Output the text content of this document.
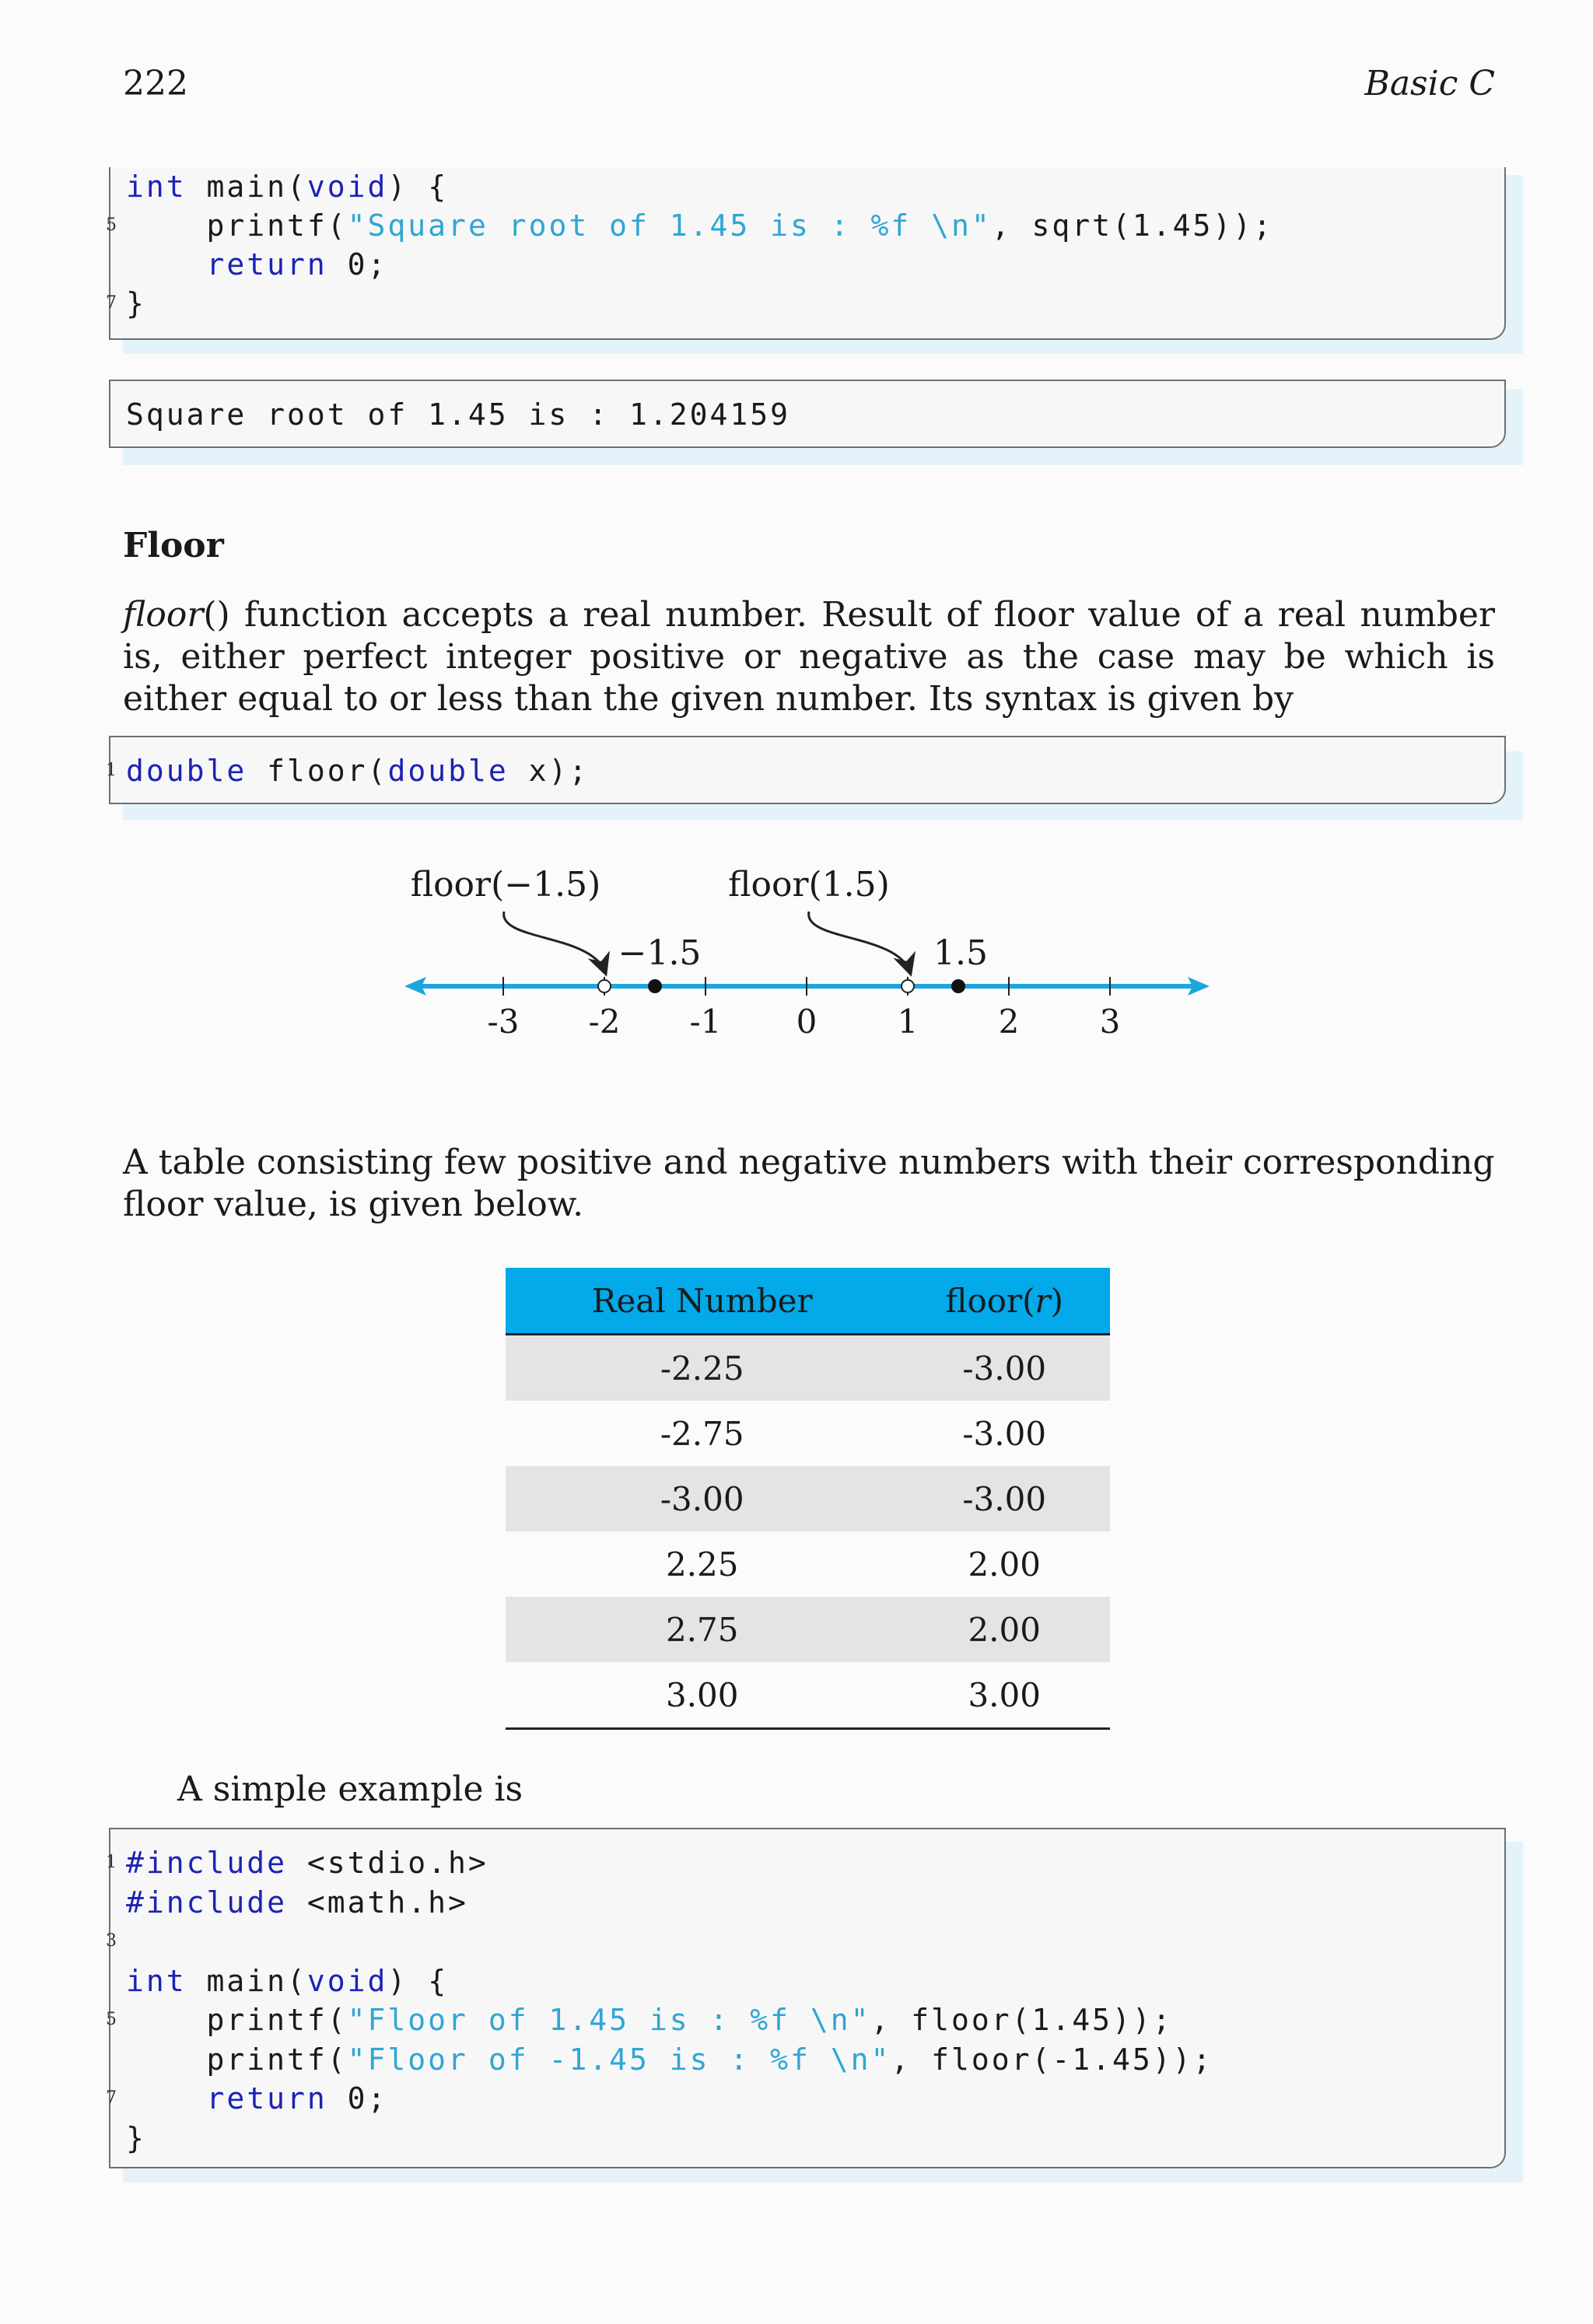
222	Basic C
int main(void) {
5 printf("Square root of 1.45 is : %f \n", sqrt(1.45));
return 0;
7 }

Square root of 1.45 is : 1.204159

Floor
floor() function accepts a real number. Result of floor value of a real number is, either perfect integer positive or negative as the case may be which is either equal to or less than the given number. Its syntax is given by
1 double floor(double x);
-3 -2 -1 0 1 2 3
floor(−1.5)	floor(1.5)
−1.5	1.5
A table consisting few positive and negative numbers with their corresponding floor value, is given below.
Real Number	floor(r)
-2.25	-3.00
-2.75	-3.00
-3.00	-3.00
2.25	2.00
2.75	2.00
3.00	3.00
A simple example is
1 #include <stdio.h>
#include <math.h>
3
int main(void) {
5 printf("Floor of 1.45 is : %f \n", floor(1.45));
printf("Floor of -1.45 is : %f \n", floor(-1.45));
7	return 0;
}
